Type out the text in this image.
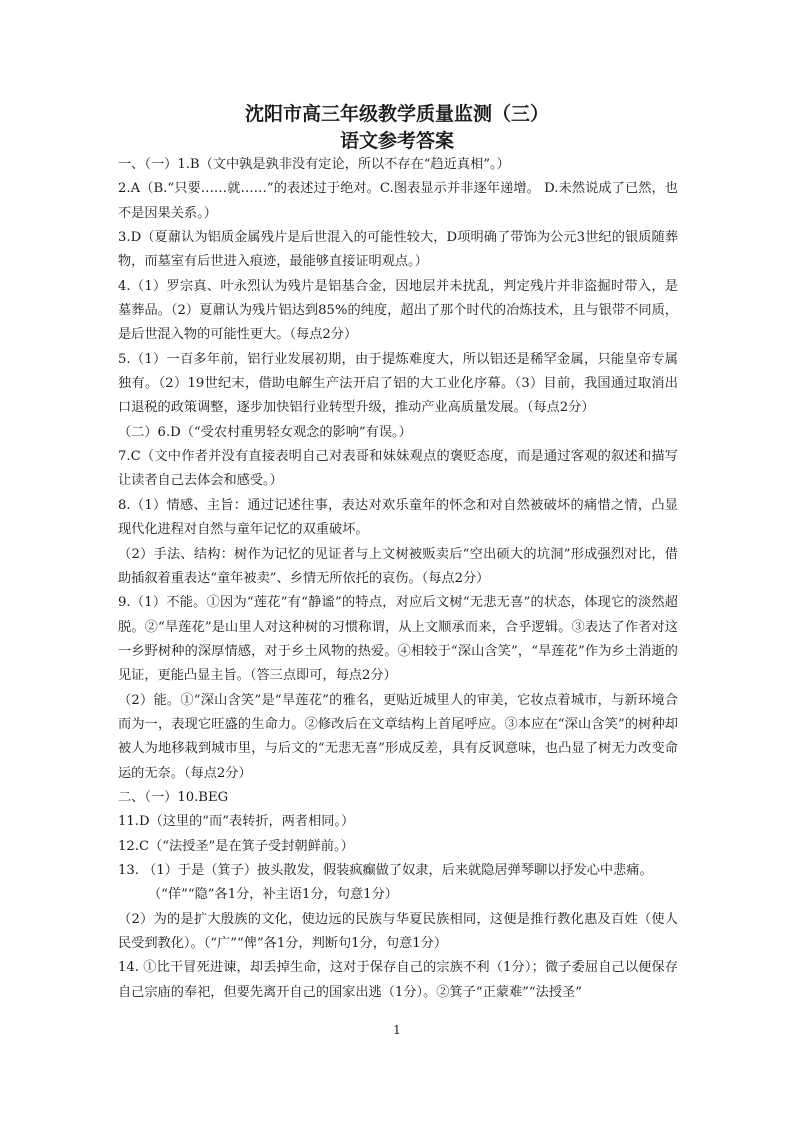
沈阳市高三年级教学质量监测（三）
语文参考答案

一、（一）1.B（文中孰是孰非没有定论，所以不存在“趋近真相”。）

2.A（B.“只要……就……”的表述过于绝对。C.图表显示并非逐年递增。 D.未然说成了已然，也不是因果关系。）

3.D（夏鼐认为铝质金属残片是后世混入的可能性较大，D项明确了带饰为公元3世纪的银质随葬物，而墓室有后世进入痕迹，最能够直接证明观点。）

4.（1）罗宗真、叶永烈认为残片是铝基合金，因地层并未扰乱，判定残片并非盗掘时带入，是墓葬品。（2）夏鼐认为残片铝达到85%的纯度，超出了那个时代的冶炼技术，且与银带不同质，是后世混入物的可能性更大。（每点2分）

5.（1）一百多年前，铝行业发展初期，由于提炼难度大，所以铝还是稀罕金属，只能皇帝专属独有。（2）19世纪末，借助电解生产法开启了铝的大工业化序幕。（3）目前，我国通过取消出口退税的政策调整，逐步加快铝行业转型升级，推动产业高质量发展。（每点2分）

（二）6.D（“受农村重男轻女观念的影响”有误。）

7.C（文中作者并没有直接表明自己对表哥和妹妹观点的褒贬态度，而是通过客观的叙述和描写让读者自己去体会和感受。）

8.（1）情感、主旨：通过记述往事，表达对欢乐童年的怀念和对自然被破坏的痛惜之情，凸显现代化进程对自然与童年记忆的双重破坏。

（2）手法、结构：树作为记忆的见证者与上文树被贩卖后“空出硕大的坑洞”形成强烈对比，借助插叙着重表达“童年被卖”、乡情无所依托的哀伤。（每点2分）

9.（1）不能。①因为“莲花”有“静谧”的特点，对应后文树“无悲无喜”的状态，体现它的淡然超脱。②“旱莲花”是山里人对这种树的习惯称谓，从上文顺承而来，合乎逻辑。③表达了作者对这一乡野树种的深厚情感，对于乡土风物的热爱。④相较于“深山含笑”，“旱莲花”作为乡土消逝的见证，更能凸显主旨。（答三点即可，每点2分）

（2）能。①“深山含笑”是“旱莲花”的雅名，更贴近城里人的审美，它妆点着城市，与新环境合而为一，表现它旺盛的生命力。②修改后在文章结构上首尾呼应。③本应在“深山含笑”的树种却被人为地移栽到城市里，与后文的“无悲无喜”形成反差，具有反讽意味，也凸显了树无力改变命运的无奈。（每点2分）

二、（一）10.BEG

11.D（这里的“而”表转折，两者相同。）

12.C（“法授圣”是在箕子受封朝鲜前。）

13. （1）于是（箕子）披头散发，假装疯癫做了奴隶，后来就隐居弹琴聊以抒发心中悲痛。

（“佯”“隐”各1分，补主语1分，句意1分）

（2）为的是扩大殷族的文化，使边远的民族与华夏民族相同，这便是推行教化惠及百姓（使人民受到教化）。（“广”“俾”各1分，判断句1分，句意1分）

14. ①比干冒死进谏，却丢掉生命，这对于保存自己的宗族不利（1分）；微子委屈自己以便保存自己宗庙的奉祀，但要先离开自己的国家出逃（1分）。②箕子“正蒙难”“法授圣”

1
